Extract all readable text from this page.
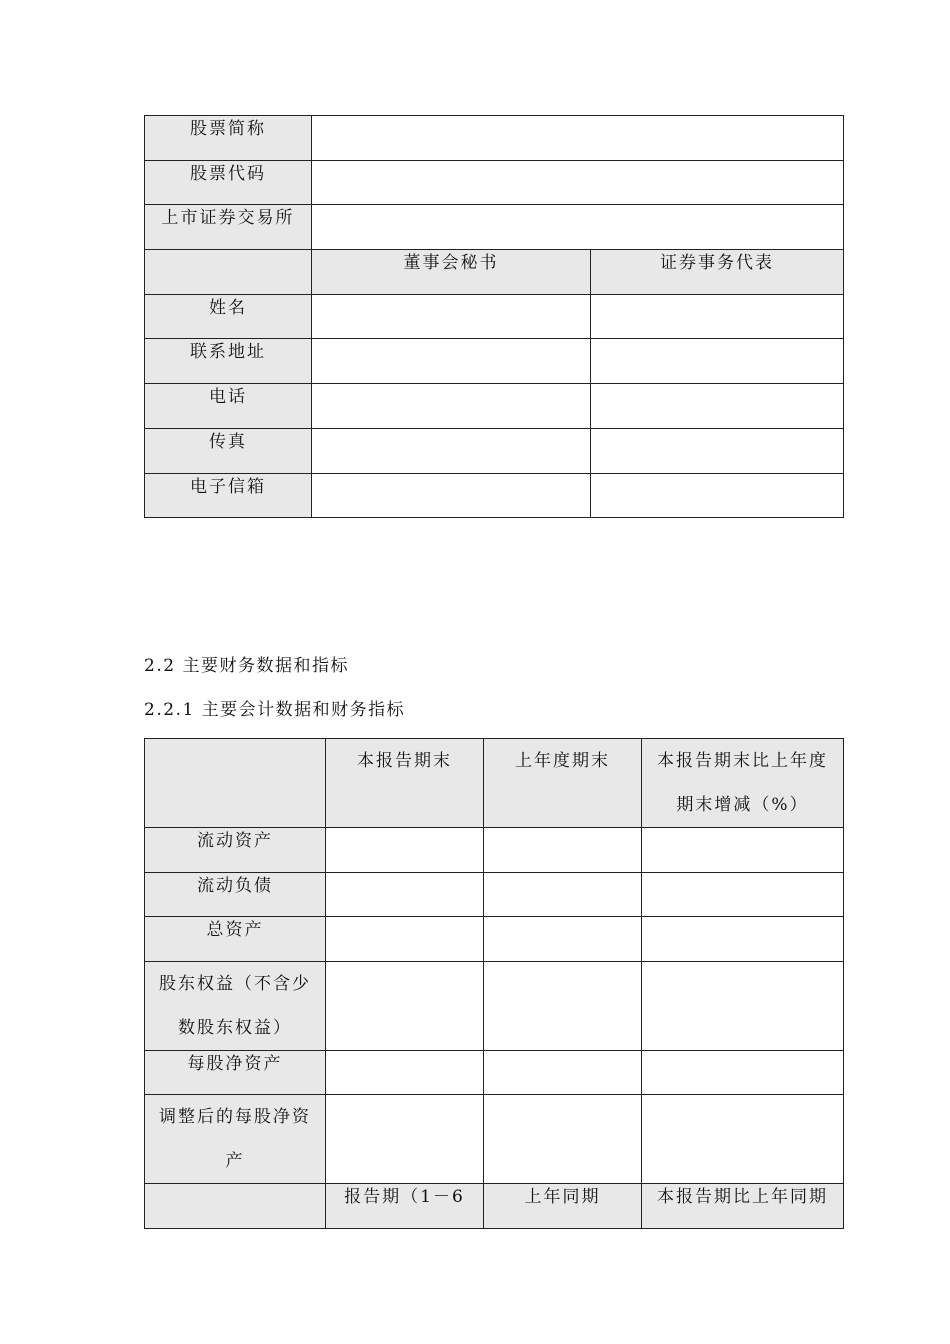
股票简称		
股票代码		
上市证券交易所		
	董事会秘书	证券事务代表
姓名		
联系地址		
电话		
传真		
电子信箱		
2.2 主要财务数据和指标
2.2.1 主要会计数据和财务指标
	本报告期末	上年度期末	本报告期末比上年度期末增减（%）
流动资产			
流动负债			
总资产			
股东权益（不含少数股东权益）			
每股净资产			
调整后的每股净资产			
	报告期（1－6	上年同期	本报告期比上年同期
